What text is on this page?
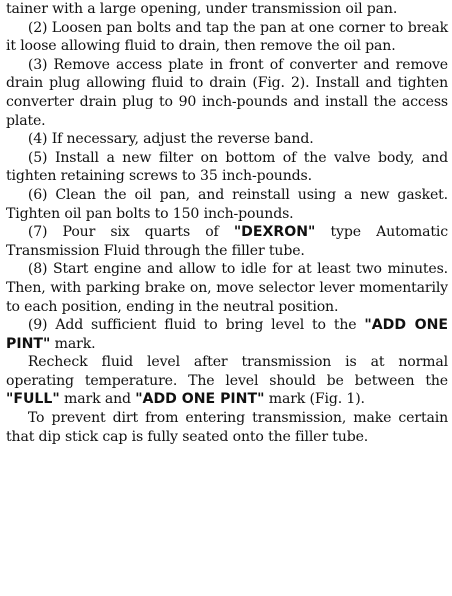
tainer with a large opening, under transmission oil pan.

(2) Loosen pan bolts and tap the pan at one corner to break it loose allowing fluid to drain, then remove the oil pan.

(3) Remove access plate in front of converter and remove drain plug allowing fluid to drain (Fig. 2). Install and tighten converter drain plug to 90 inch-pounds and install the access plate.

(4) If necessary, adjust the reverse band.

(5) Install a new filter on bottom of the valve body, and tighten retaining screws to 35 inch-pounds.

(6) Clean the oil pan, and reinstall using a new gasket. Tighten oil pan bolts to 150 inch-pounds.

(7) Pour six quarts of "DEXRON" type Automatic Transmission Fluid through the filler tube.

(8) Start engine and allow to idle for at least two minutes. Then, with parking brake on, move selector lever momentarily to each position, ending in the neutral position.

(9) Add sufficient fluid to bring level to the "ADD ONE PINT" mark.

Recheck fluid level after transmission is at normal operating temperature. The level should be between the "FULL" mark and "ADD ONE PINT" mark (Fig. 1).

To prevent dirt from entering transmission, make certain that dip stick cap is fully seated onto the filler tube.
